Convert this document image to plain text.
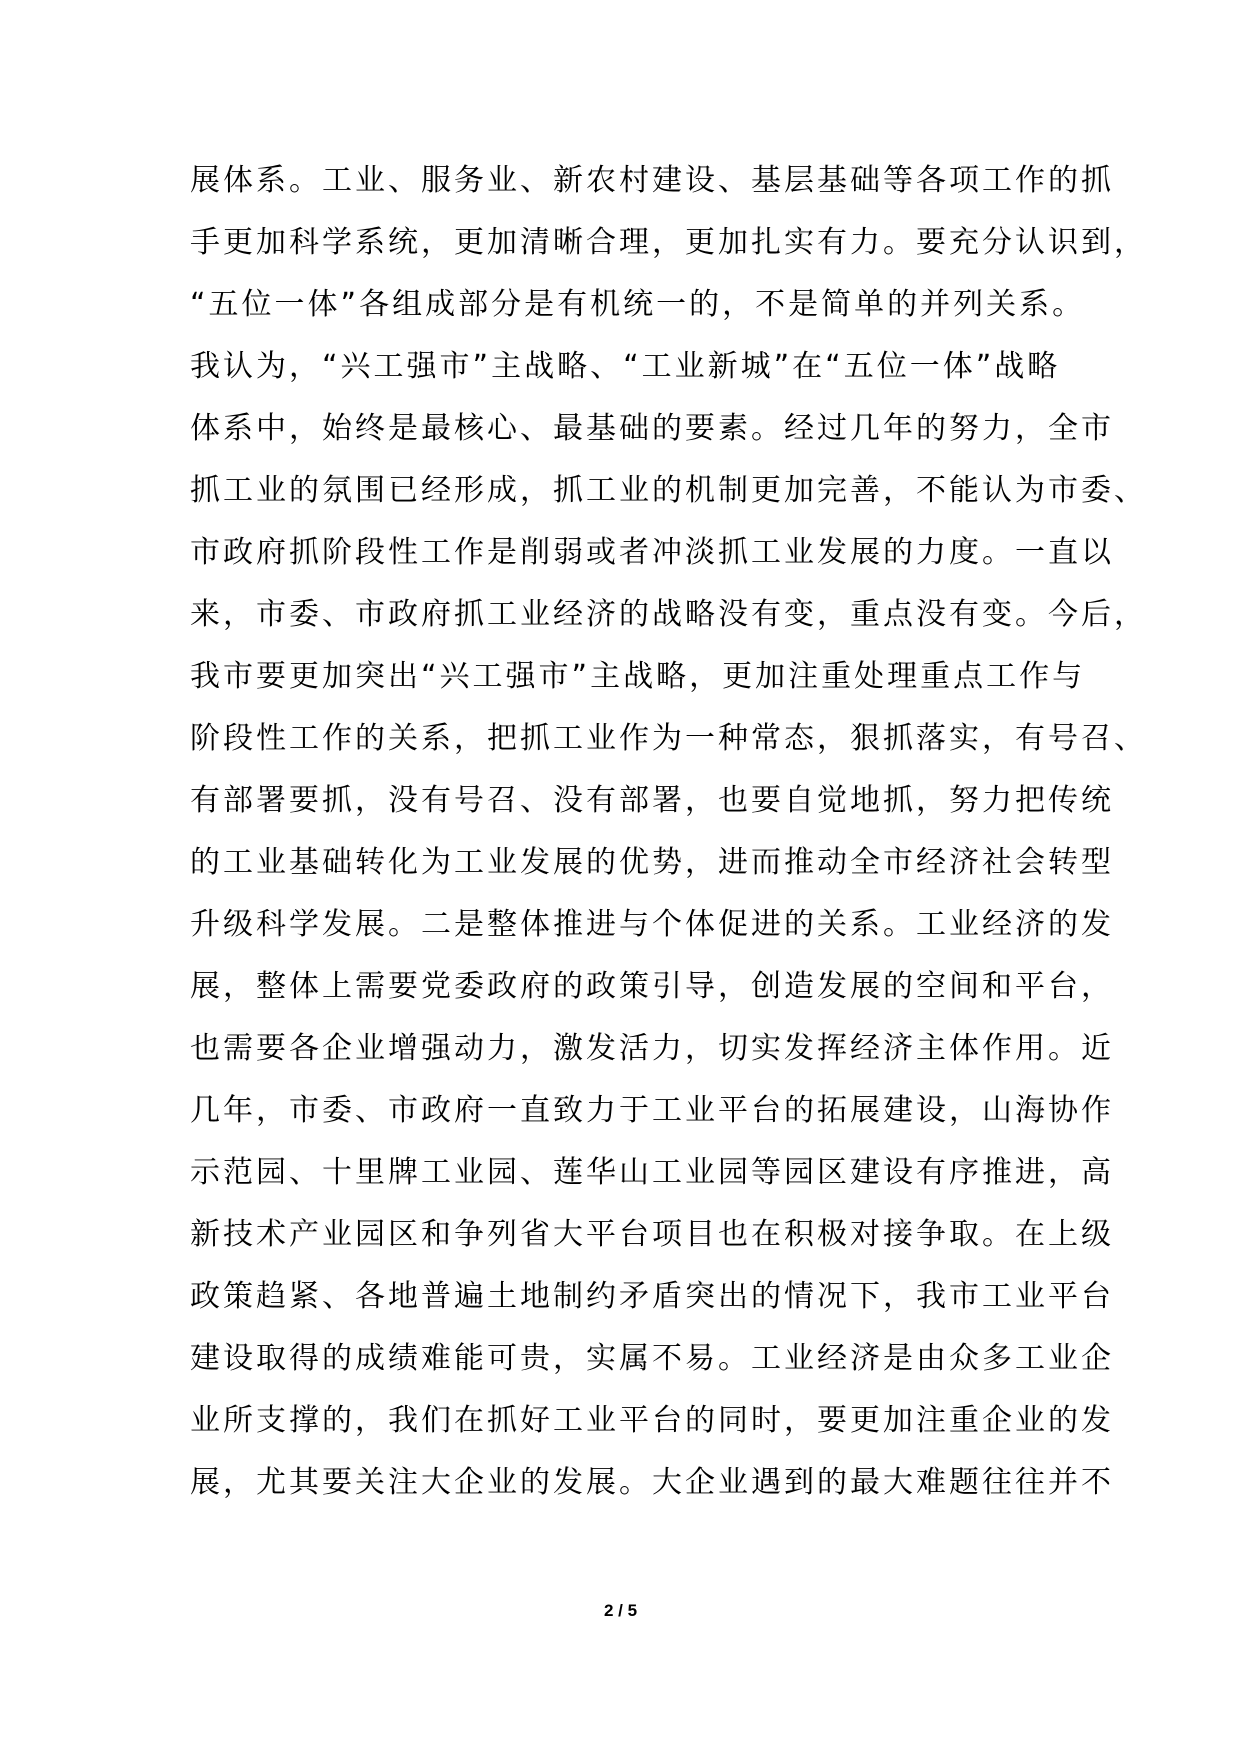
展体系。工业、服务业、新农村建设、基层基础等各项工作的抓
手更加科学系统，更加清晰合理，更加扎实有力。要充分认识到，
“五位一体”各组成部分是有机统一的，不是简单的并列关系。
我认为，“兴工强市”主战略、“工业新城”在“五位一体”战略
体系中，始终是最核心、最基础的要素。经过几年的努力，全市
抓工业的氛围已经形成，抓工业的机制更加完善，不能认为市委、
市政府抓阶段性工作是削弱或者冲淡抓工业发展的力度。一直以
来，市委、市政府抓工业经济的战略没有变，重点没有变。今后，
我市要更加突出“兴工强市”主战略，更加注重处理重点工作与
阶段性工作的关系，把抓工业作为一种常态，狠抓落实，有号召、
有部署要抓，没有号召、没有部署，也要自觉地抓，努力把传统
的工业基础转化为工业发展的优势，进而推动全市经济社会转型
升级科学发展。二是整体推进与个体促进的关系。工业经济的发
展，整体上需要党委政府的政策引导，创造发展的空间和平台，
也需要各企业增强动力，激发活力，切实发挥经济主体作用。近
几年，市委、市政府一直致力于工业平台的拓展建设，山海协作
示范园、十里牌工业园、莲华山工业园等园区建设有序推进，高
新技术产业园区和争列省大平台项目也在积极对接争取。在上级
政策趋紧、各地普遍土地制约矛盾突出的情况下，我市工业平台
建设取得的成绩难能可贵，实属不易。工业经济是由众多工业企
业所支撑的，我们在抓好工业平台的同时，要更加注重企业的发
展，尤其要关注大企业的发展。大企业遇到的最大难题往往并不
2 / 5
